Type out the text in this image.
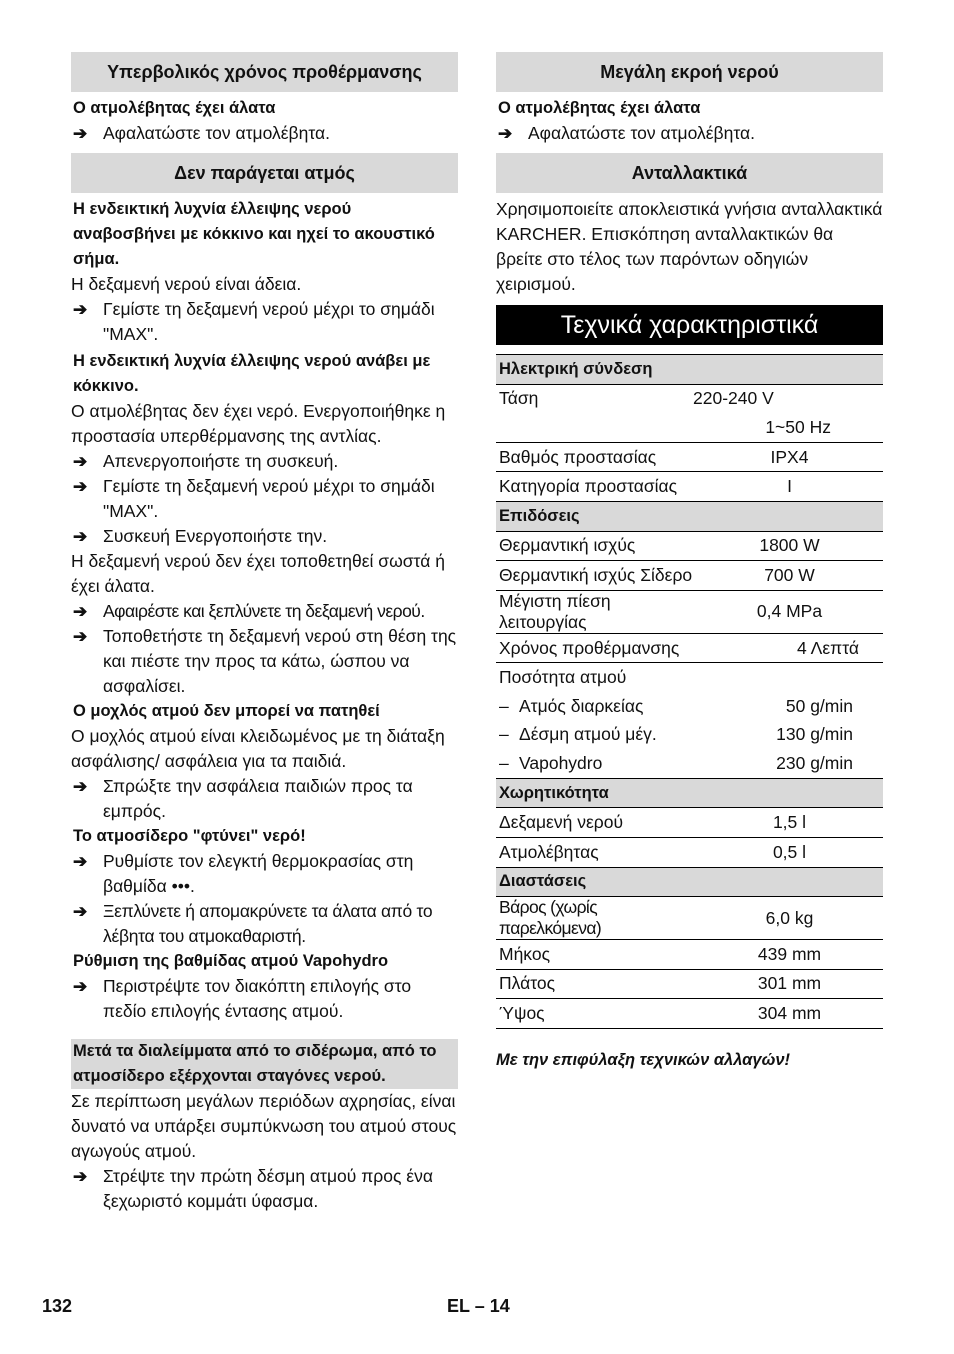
Υπερβολικός χρόνος προθέρμανσης
Ο ατμολέβητας έχει άλατα
➔ Αφαλατώστε τον ατμολέβητα.
Δεν παράγεται ατμός
Η ενδεικτική λυχνία έλλειψης νερού αναβοσβήνει με κόκκινο και ηχεί το ακουστικό σήμα.
Η δεξαμενή νερού είναι άδεια.
➔ Γεμίστε τη δεξαμενή νερού μέχρι το σημάδι "MAX".
Η ενδεικτική λυχνία έλλειψης νερού ανάβει με κόκκινο.
Ο ατμολέβητας δεν έχει νερό. Ενεργοποιήθηκε η προστασία υπερθέρμανσης της αντλίας.
➔ Απενεργοποιήστε τη συσκευή.
➔ Γεμίστε τη δεξαμενή νερού μέχρι το σημάδι "MAX".
➔ Συσκευή Ενεργοποιήστε την.
Η δεξαμενή νερού δεν έχει τοποθετηθεί σωστά ή έχει άλατα.
➔ Αφαιρέστε και ξεπλύνετε τη δεξαμενή νερού.
➔ Τοποθετήστε τη δεξαμενή νερού στη θέση της και πιέστε την προς τα κάτω, ώσπου να ασφαλίσει.
Ο μοχλός ατμού δεν μπορεί να πατηθεί
Ο μοχλός ατμού είναι κλειδωμένος με τη διάταξη ασφάλισης/ ασφάλεια για τα παιδιά.
➔ Σπρώξτε την ασφάλεια παιδιών προς τα εμπρός.
Το ατμοσίδερο "φτύνει" νερό!
➔ Ρυθμίστε τον ελεγκτή θερμοκρασίας στη βαθμίδα •••.
➔ Ξεπλύνετε ή απομακρύνετε τα άλατα από το λέβητα του ατμοκαθαριστή.
Ρύθμιση της βαθμίδας ατμού Vapohydro
➔ Περιστρέψτε τον διακόπτη επιλογής στο πεδίο επιλογής έντασης ατμού.
Μετά τα διαλείμματα από το σιδέρωμα, από το ατμοσίδερο εξέρχονται σταγόνες νερού.
Σε περίπτωση μεγάλων περιόδων αχρησίας, είναι δυνατό να υπάρξει συμπύκνωση του ατμού στους αγωγούς ατμού.
➔ Στρέψτε την πρώτη δέσμη ατμού προς ένα ξεχωριστό κομμάτι ύφασμα.
Μεγάλη εκροή νερού
Ο ατμολέβητας έχει άλατα
➔ Αφαλατώστε τον ατμολέβητα.
Ανταλλακτικά
Χρησιμοποιείτε αποκλειστικά γνήσια ανταλλακτικά KARCHER. Επισκόπηση ανταλλακτικών θα βρείτε στο τέλος των παρόντων οδηγιών χειρισμού.
Τεχνικά χαρακτηριστικά
Ηλεκτρική σύνδεση	
Τάση	220-240 V
	1~50 Hz
Βαθμός προστασίας	IPX4
Κατηγορία προστασίας	I
Επιδόσεις	
Θερμαντική ισχύς	1800 W
Θερμαντική ισχύς Σίδερο	700 W
Μέγιστη πίεση λειτουργίας	0,4 MPa
Χρόνος προθέρμανσης	4 Λεπτά
Ποσότητα ατμού	
– Ατμός διαρκείας	50 g/min
– Δέσμη ατμού μέγ.	130 g/min
– Vapohydro	230 g/min
Χωρητικότητα	
Δεξαμενή νερού	1,5 l
Ατμολέβητας	0,5 l
Διαστάσεις	
Βάρος (χωρίς παρελκόμενα)	6,0 kg
Μήκος	439 mm
Πλάτος	301 mm
Ύψος	304 mm
Με την επιφύλαξη τεχνικών αλλαγών!
132	EL – 14
